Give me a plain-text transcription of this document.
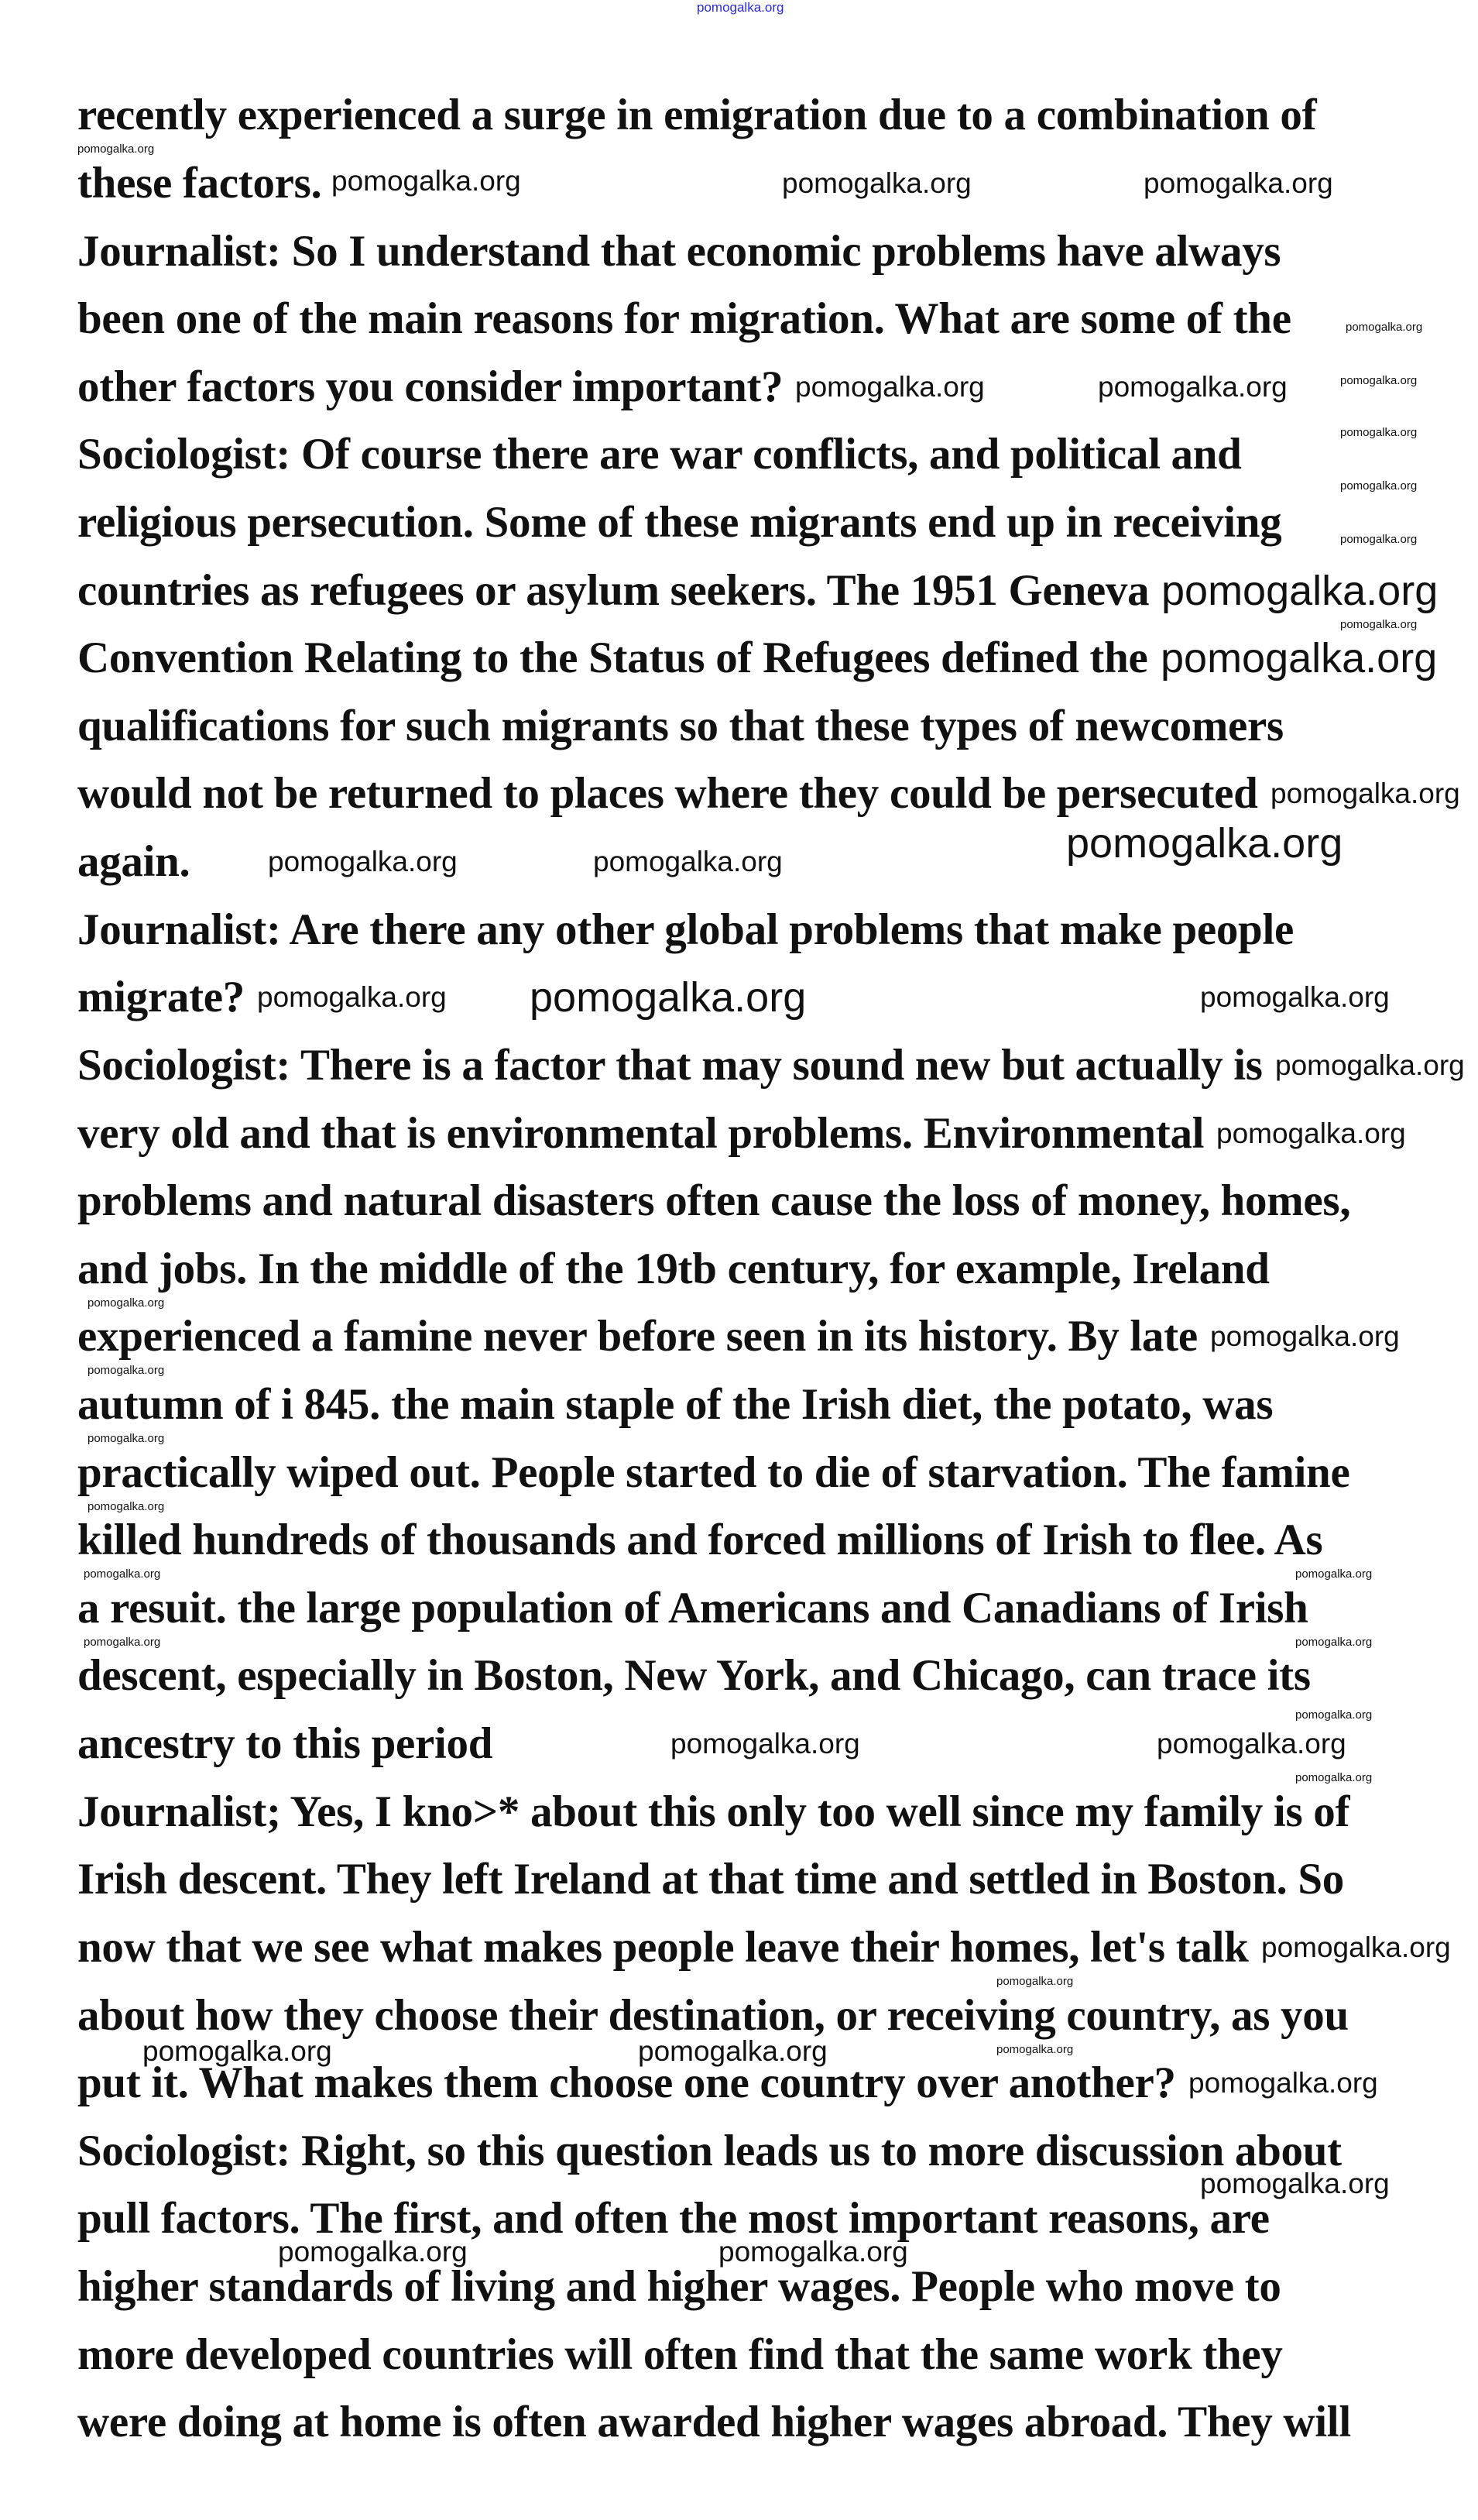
pomogalka.org
recently experienced a surge in emigration due to a combination of
these factors.
Journalist: So I understand that economic problems have always
been one of the main reasons for migration. What are some of the
other factors you consider important?
Sociologist: Of course there are war conflicts, and political and
religious persecution. Some of these migrants end up in receiving
countries as refugees or asylum seekers. The 1951 Geneva
Convention Relating to the Status of Refugees defined the
qualifications for such migrants so that these types of newcomers
would not be returned to places where they could be persecuted
again.
Journalist: Are there any other global problems that make people
migrate?
Sociologist: There is a factor that may sound new but actually is
very old and that is environmental problems. Environmental
problems and natural disasters often cause the loss of money, homes,
and jobs. In the middle of the 19tb century, for example, Ireland
experienced a famine never before seen in its history. By late
autumn of i 845. the main staple of the Irish diet, the potato, was
practically wiped out. People started to die of starvation. The famine
killed hundreds of thousands and forced millions of Irish to flee. As
a resuit. the large population of Americans and Canadians of Irish
descent, especially in Boston, New York, and Chicago, can trace its
ancestry to this period
Journalist; Yes, I kno>* about this only too well since my family is of
Irish descent. They left Ireland at that time and settled in Boston. So
now that we see what makes people leave their homes, let's talk
about how they choose their destination, or receiving country, as you
put it. What makes them choose one country over another?
Sociologist: Right, so this question leads us to more discussion about
pull factors. The first, and often the most important reasons, are
higher standards of living and higher wages. People who move to
more developed countries will often find that the same work they
were doing at home is often awarded higher wages abroad. They will
pomogalka.org	pomogalka.org
pomogalka.org
pomogalka.org
pomogalka.org
pomogalka.org	pomogalka.org
pomogalka.org
pomogalka.org
pomogalka.org
pomogalka.org
pomogalka.org
pomogalka.org
pomogalka.org
pomogalka.org	pomogalka.org
pomogalka.org
pomogalka.org
pomogalka.org
pomogalka.org
pomogalka.org
pomogalka.org
pomogalka.org
pomogalka.org
pomogalka.org
pomogalka.org
pomogalka.org
pomogalka.org
pomogalka.org
pomogalka.org
pomogalka.org
pomogalka.org
pomogalka.org
pomogalka.org
pomogalka.org
pomogalka.org
pomogalka.org
pomogalka.org
pomogalka.org
pomogalka.org	pomogalka.org
pomogalka.org
pomogalka.org	pomogalka.org
pomogalka.org
